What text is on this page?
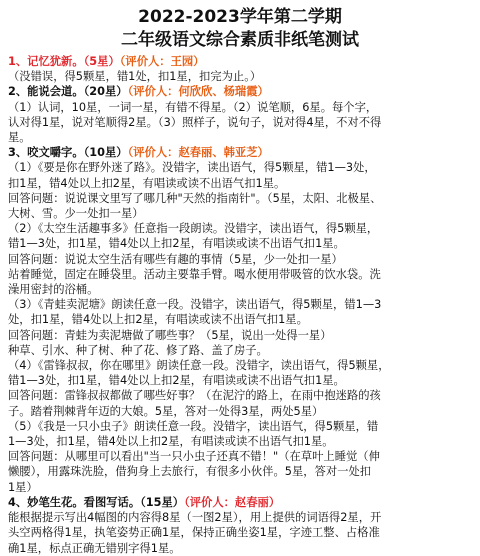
2022-2023学年第二学期
二年级语文综合素质非纸笔测试
1、记忆犹新。（5星）（评价人：王园）
（没错误，得5颗星，错1处，扣1星，扣完为止。）
2、能说会道。（20星）（评价人：何欣欣、杨瑞霞）
（1）认词，10星，一词一星，有错不得星。（2）说笔顺，6星。每个字，
认对得1星，说对笔顺得2星。（3）照样子，说句子，说对得4星，不对不得
星。
3、咬文嚼字。（10星）（评价人：赵春丽、韩亚芝）
（1）《要是你在野外迷了路》。没错字，读出语气，得5颗星，错1—3处，
扣1星，错4处以上扣2星，有唱读或读不出语气扣1星。
回答问题：说说课文里写了哪几种"天然的指南针"。（5星，太阳、北极星、
大树、雪。少一处扣一星）
（2）《太空生活趣事多》任意指一段朗读。没错字，读出语气，得5颗星，
错1—3处，扣1星，错4处以上扣2星，有唱读或读不出语气扣1星。
回答问题：说说太空生活有哪些有趣的事情（5星，少一处扣一星）
站着睡觉，固定在睡袋里。活动主要靠手臂。喝水便用带吸管的饮水袋。洗
澡用密封的浴桶。
（3）《青蛙卖泥塘》朗读任意一段。没错字，读出语气，得5颗星，错1—3
处，扣1星，错4处以上扣2星，有唱读或读不出语气扣1星。
回答问题：青蛙为卖泥塘做了哪些事？（5星，说出一处得一星）
种草、引水、种了树、种了花、修了路、盖了房子。
（4）《雷锋叔叔，你在哪里》朗读任意一段。没错字，读出语气，得5颗星，
错1—3处，扣1星，错4处以上扣2星，有唱读或读不出语气扣1星。
回答问题：雷锋叔叔都做了哪些好事？（在泥泞的路上，在雨中抱迷路的孩
子。踏着荆棘背年迈的大娘。5星，答对一处得3星，两处5星）
（5）《我是一只小虫子》朗读任意一段。没错字，读出语气，得5颗星，错
1—3处，扣1星，错4处以上扣2星，有唱读或读不出语气扣1星。
回答问题：从哪里可以看出"当一只小虫子还真不错！"（在草叶上睡觉（伸
懒腰），用露珠洗脸，借狗身上去旅行，有很多小伙伴。5星，答对一处扣
1星）
4、妙笔生花。看图写话。（15星）（评价人：赵春丽）
能根据提示写出4幅图的内容得8星（一图2星），用上提供的词语得2星，开
头空两格得1星，执笔姿势正确1星，保持正确坐姿1星，字迹工整、占格准
确1星，标点正确无错别字得1星。
